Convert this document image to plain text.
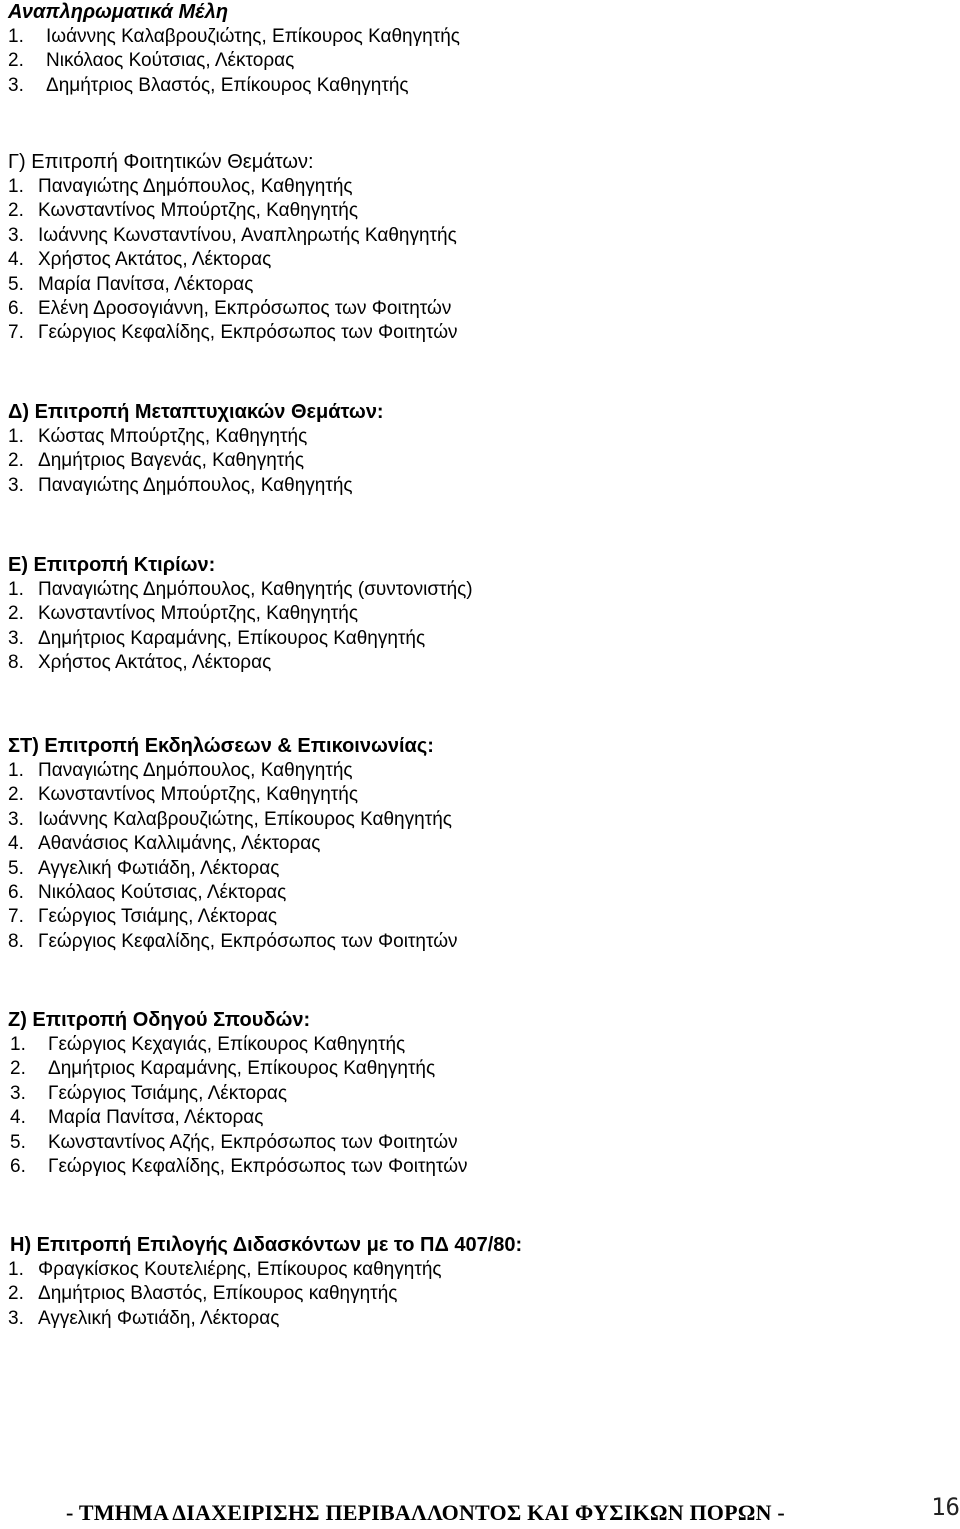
Αναπληρωματικά Μέλη
1.	Ιωάννης Καλαβρουζιώτης, Επίκουρος Καθηγητής
2.	Νικόλαος Κούτσιας, Λέκτορας
3.	Δημήτριος Βλαστός, Επίκουρος Καθηγητής
Γ) Επιτροπή Φοιτητικών Θεμάτων:
1. Παναγιώτης Δημόπουλος, Καθηγητής
2. Κωνσταντίνος Μπούρτζης, Καθηγητής
3. Ιωάννης Κωνσταντίνου, Αναπληρωτής Καθηγητής
4. Χρήστος Ακτάτος, Λέκτορας
5. Μαρία Πανίτσα, Λέκτορας
6. Ελένη Δροσογιάννη, Εκπρόσωπος των Φοιτητών
7. Γεώργιος Κεφαλίδης, Εκπρόσωπος των Φοιτητών
Δ) Επιτροπή Μεταπτυχιακών Θεμάτων:
1. Κώστας Μπούρτζης, Καθηγητής
2. Δημήτριος Βαγενάς, Καθηγητής
3. Παναγιώτης Δημόπουλος, Καθηγητής
Ε) Επιτροπή Κτιρίων:
1. Παναγιώτης Δημόπουλος, Καθηγητής (συντονιστής)
2. Κωνσταντίνος Μπούρτζης, Καθηγητής
3. Δημήτριος Καραμάνης, Επίκουρος Καθηγητής
8. Χρήστος Ακτάτος, Λέκτορας
ΣΤ) Επιτροπή Εκδηλώσεων & Επικοινωνίας:
1. Παναγιώτης Δημόπουλος, Καθηγητής
2. Κωνσταντίνος Μπούρτζης, Καθηγητής
3. Ιωάννης Καλαβρουζιώτης, Επίκουρος Καθηγητής
4. Αθανάσιος Καλλιμάνης, Λέκτορας
5. Αγγελική Φωτιάδη, Λέκτορας
6. Νικόλαος Κούτσιας, Λέκτορας
7. Γεώργιος Τσιάμης, Λέκτορας
8. Γεώργιος Κεφαλίδης, Εκπρόσωπος των Φοιτητών
Ζ) Επιτροπή Οδηγού Σπουδών:
1.	Γεώργιος Κεχαγιάς, Επίκουρος Καθηγητής
2.	Δημήτριος Καραμάνης, Επίκουρος Καθηγητής
3.	Γεώργιος Τσιάμης, Λέκτορας
4.	Μαρία Πανίτσα, Λέκτορας
5.	Κωνσταντίνος Αζής, Εκπρόσωπος των Φοιτητών
6.	Γεώργιος Κεφαλίδης, Εκπρόσωπος των Φοιτητών
Η) Επιτροπή Επιλογής Διδασκόντων με το ΠΔ 407/80:
1. Φραγκίσκος Κουτελιέρης, Επίκουρος καθηγητής
2. Δημήτριος Βλαστός, Επίκουρος καθηγητής
3. Αγγελική Φωτιάδη, Λέκτορας
- ΤΜΗΜΑ ΔΙΑΧΕΙΡΙΣΗΣ ΠΕΡΙΒΑΛΛΟΝΤΟΣ ΚΑΙ ΦΥΣΙΚΩΝ ΠΟΡΩΝ -	16
